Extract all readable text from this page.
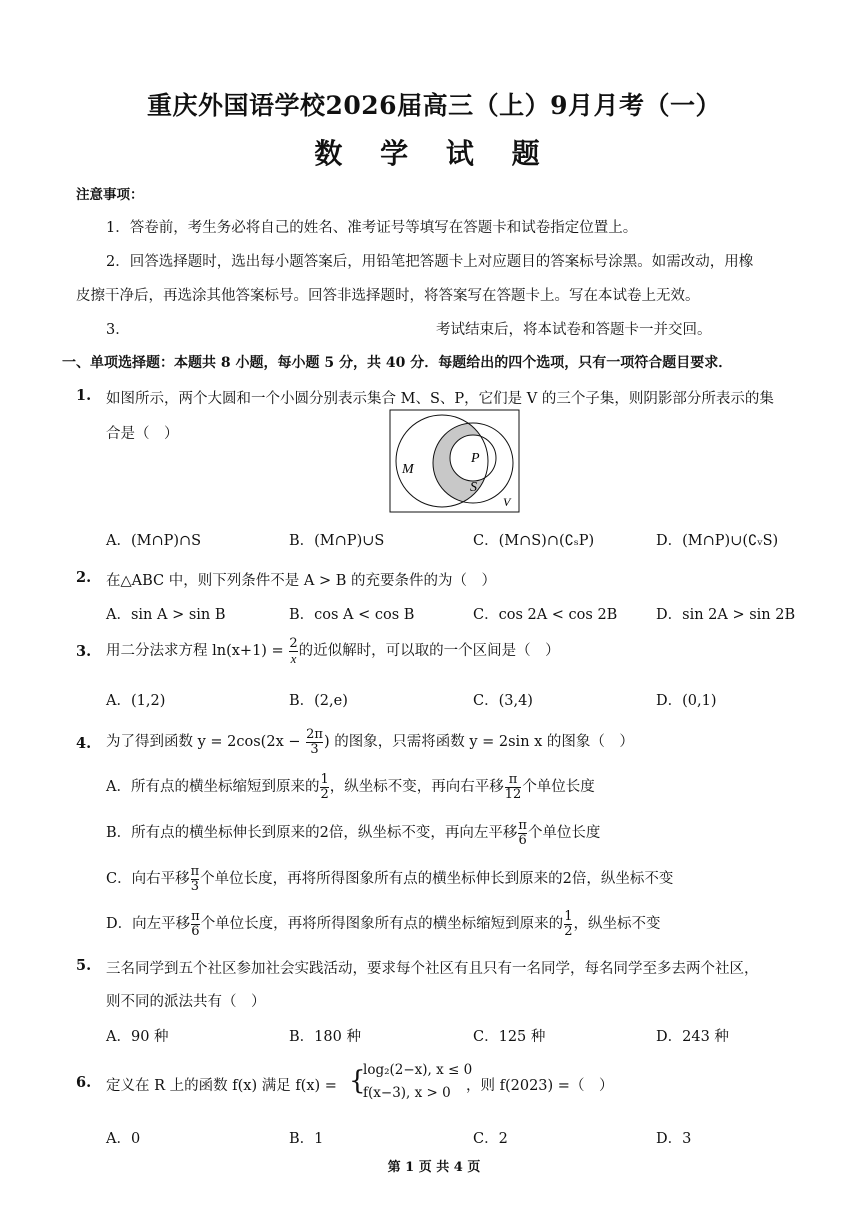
重庆外国语学校2026届高三（上）9月月考（一）
数 学 试 题
注意事项：
1．答卷前，考生务必将自己的姓名、准考证号等填写在答题卡和试卷指定位置上。
2．回答选择题时，选出每小题答案后，用铅笔把答题卡上对应题目的答案标号涂黑。如需改动，用橡
皮擦干净后，再选涂其他答案标号。回答非选择题时，将答案写在答题卡上。写在本试卷上无效。
3．	考试结束后，将本试卷和答题卡一并交回。
一、单项选择题：本题共 8 小题，每小题 5 分，共 40 分．每题给出的四个选项，只有一项符合题目要求．
1. 如图所示，两个大圆和一个小圆分别表示集合 M、S、P，它们是 V 的三个子集，则阴影部分所表示的集
合是（　）
M
P
S
V
A．(M∩P)∩S	B．(M∩P)∪S	C．(M∩S)∩(∁ₛP)	D．(M∩P)∪(∁ᵥS)
2. 在△ABC 中，则下列条件不是 A > B 的充要条件的为（　）
A．sin A > sin B	B．cos A < cos B	C．cos 2A < cos 2B	D．sin 2A > sin 2B
3. 用二分法求方程 $\ln(x+1) = \frac{2}{x}$ 的近似解时，可以取的一个区间是（　）
A．(1,2)	B．(2,e)	C．(3,4)	D．(0,1)
4. 为了得到函数 $y = 2\cos(2x - \frac{2\pi}{3}$ ) 的图象，只需将函数 y = 2sin x 的图象（　）
A．所有点的横坐标缩短到原来的 $\frac{1}{2}$ ，纵坐标不变，再向右平移 $\frac{\pi}{12}$ 个单位长度
B．所有点的横坐标伸长到原来的2倍，纵坐标不变，再向左平移 $\frac{\pi}{6}$ 个单位长度
C．向右平移 $\frac{\pi}{3}$ 个单位长度，再将所得图象所有点的横坐标伸长到原来的2倍，纵坐标不变
D．向左平移 $\frac{\pi}{6}$ 个单位长度，再将所得图象所有点的横坐标缩短到原来的 $\frac{1}{2}$ ，纵坐标不变
5. 三名同学到五个社区参加社会实践活动，要求每个社区有且只有一名同学，每名同学至多去两个社区，
则不同的派法共有（　）
A．90 种	B．180 种	C．125 种	D．243 种
6. 定义在 R 上的函数 f(x) 满足 f(x) = {
log₂(2−x), x ≤ 0
f(x−3), x > 0 ，则 f(2023) =（　）
A．0	B．1	C．2	D．3
第 1 页 共 4 页
